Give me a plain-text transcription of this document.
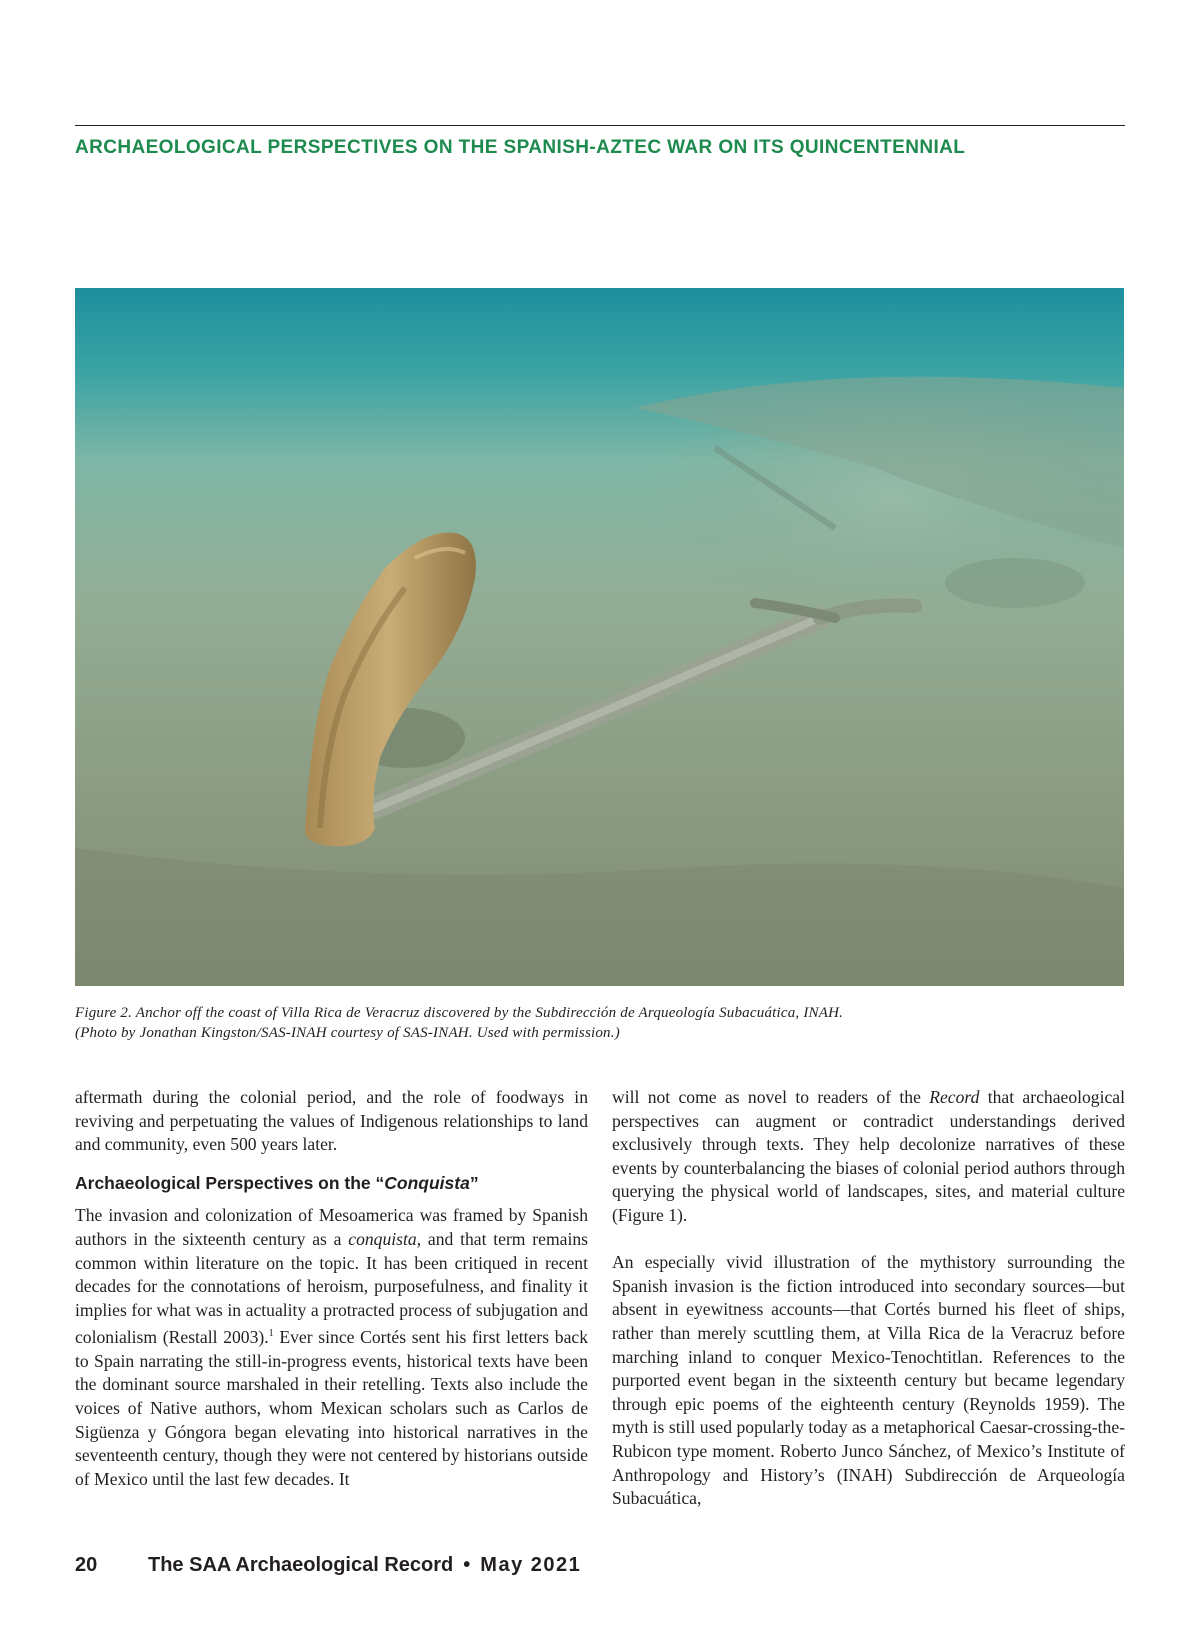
ARCHAEOLOGICAL PERSPECTIVES ON THE SPANISH-AZTEC WAR ON ITS QUINCENTENNIAL
Figure 2. Anchor off the coast of Villa Rica de Veracruz discovered by the Subdirección de Arqueología Subacuática, INAH.
(Photo by Jonathan Kingston/SAS-INAH courtesy of SAS-INAH. Used with permission.)

aftermath during the colonial period, and the role of foodways in reviving and perpetuating the values of Indigenous relationships to land and community, even 500 years later.

Archaeological Perspectives on the “Conquista”

The invasion and colonization of Mesoamerica was framed by Spanish authors in the sixteenth century as a conquista, and that term remains common within literature on the topic. It has been critiqued in recent decades for the connotations of heroism, purposefulness, and finality it implies for what was in actuality a protracted process of subjugation and colonialism (Restall 2003).$^1$ Ever since Cortés sent his first letters back to Spain narrating the still-in-progress events, historical texts have been the dominant source marshaled in their retelling. Texts also include the voices of Native authors, whom Mexican scholars such as Carlos de Sigüenza y Góngora began elevating into historical narratives in the seventeenth century, though they were not centered by historians outside of Mexico until the last few decades. It

will not come as novel to readers of the Record that archaeological perspectives can augment or contradict understandings derived exclusively through texts. They help decolonize narratives of these events by counterbalancing the biases of colonial period authors through querying the physical world of landscapes, sites, and material culture (Figure 1).

An especially vivid illustration of the mythistory surrounding the Spanish invasion is the fiction introduced into secondary sources—but absent in eyewitness accounts—that Cortés burned his fleet of ships, rather than merely scuttling them, at Villa Rica de la Veracruz before marching inland to conquer Mexico-Tenochtitlan. References to the purported event began in the sixteenth century but became legendary through epic poems of the eighteenth century (Reynolds 1959). The myth is still used popularly today as a metaphorical Caesar-crossing-the-Rubicon type moment. Roberto Junco Sánchez, of Mexico’s Institute of Anthropology and History’s (INAH) Subdirección de Arqueología Subacuática,

20	The SAA Archaeological Record • May 2021
